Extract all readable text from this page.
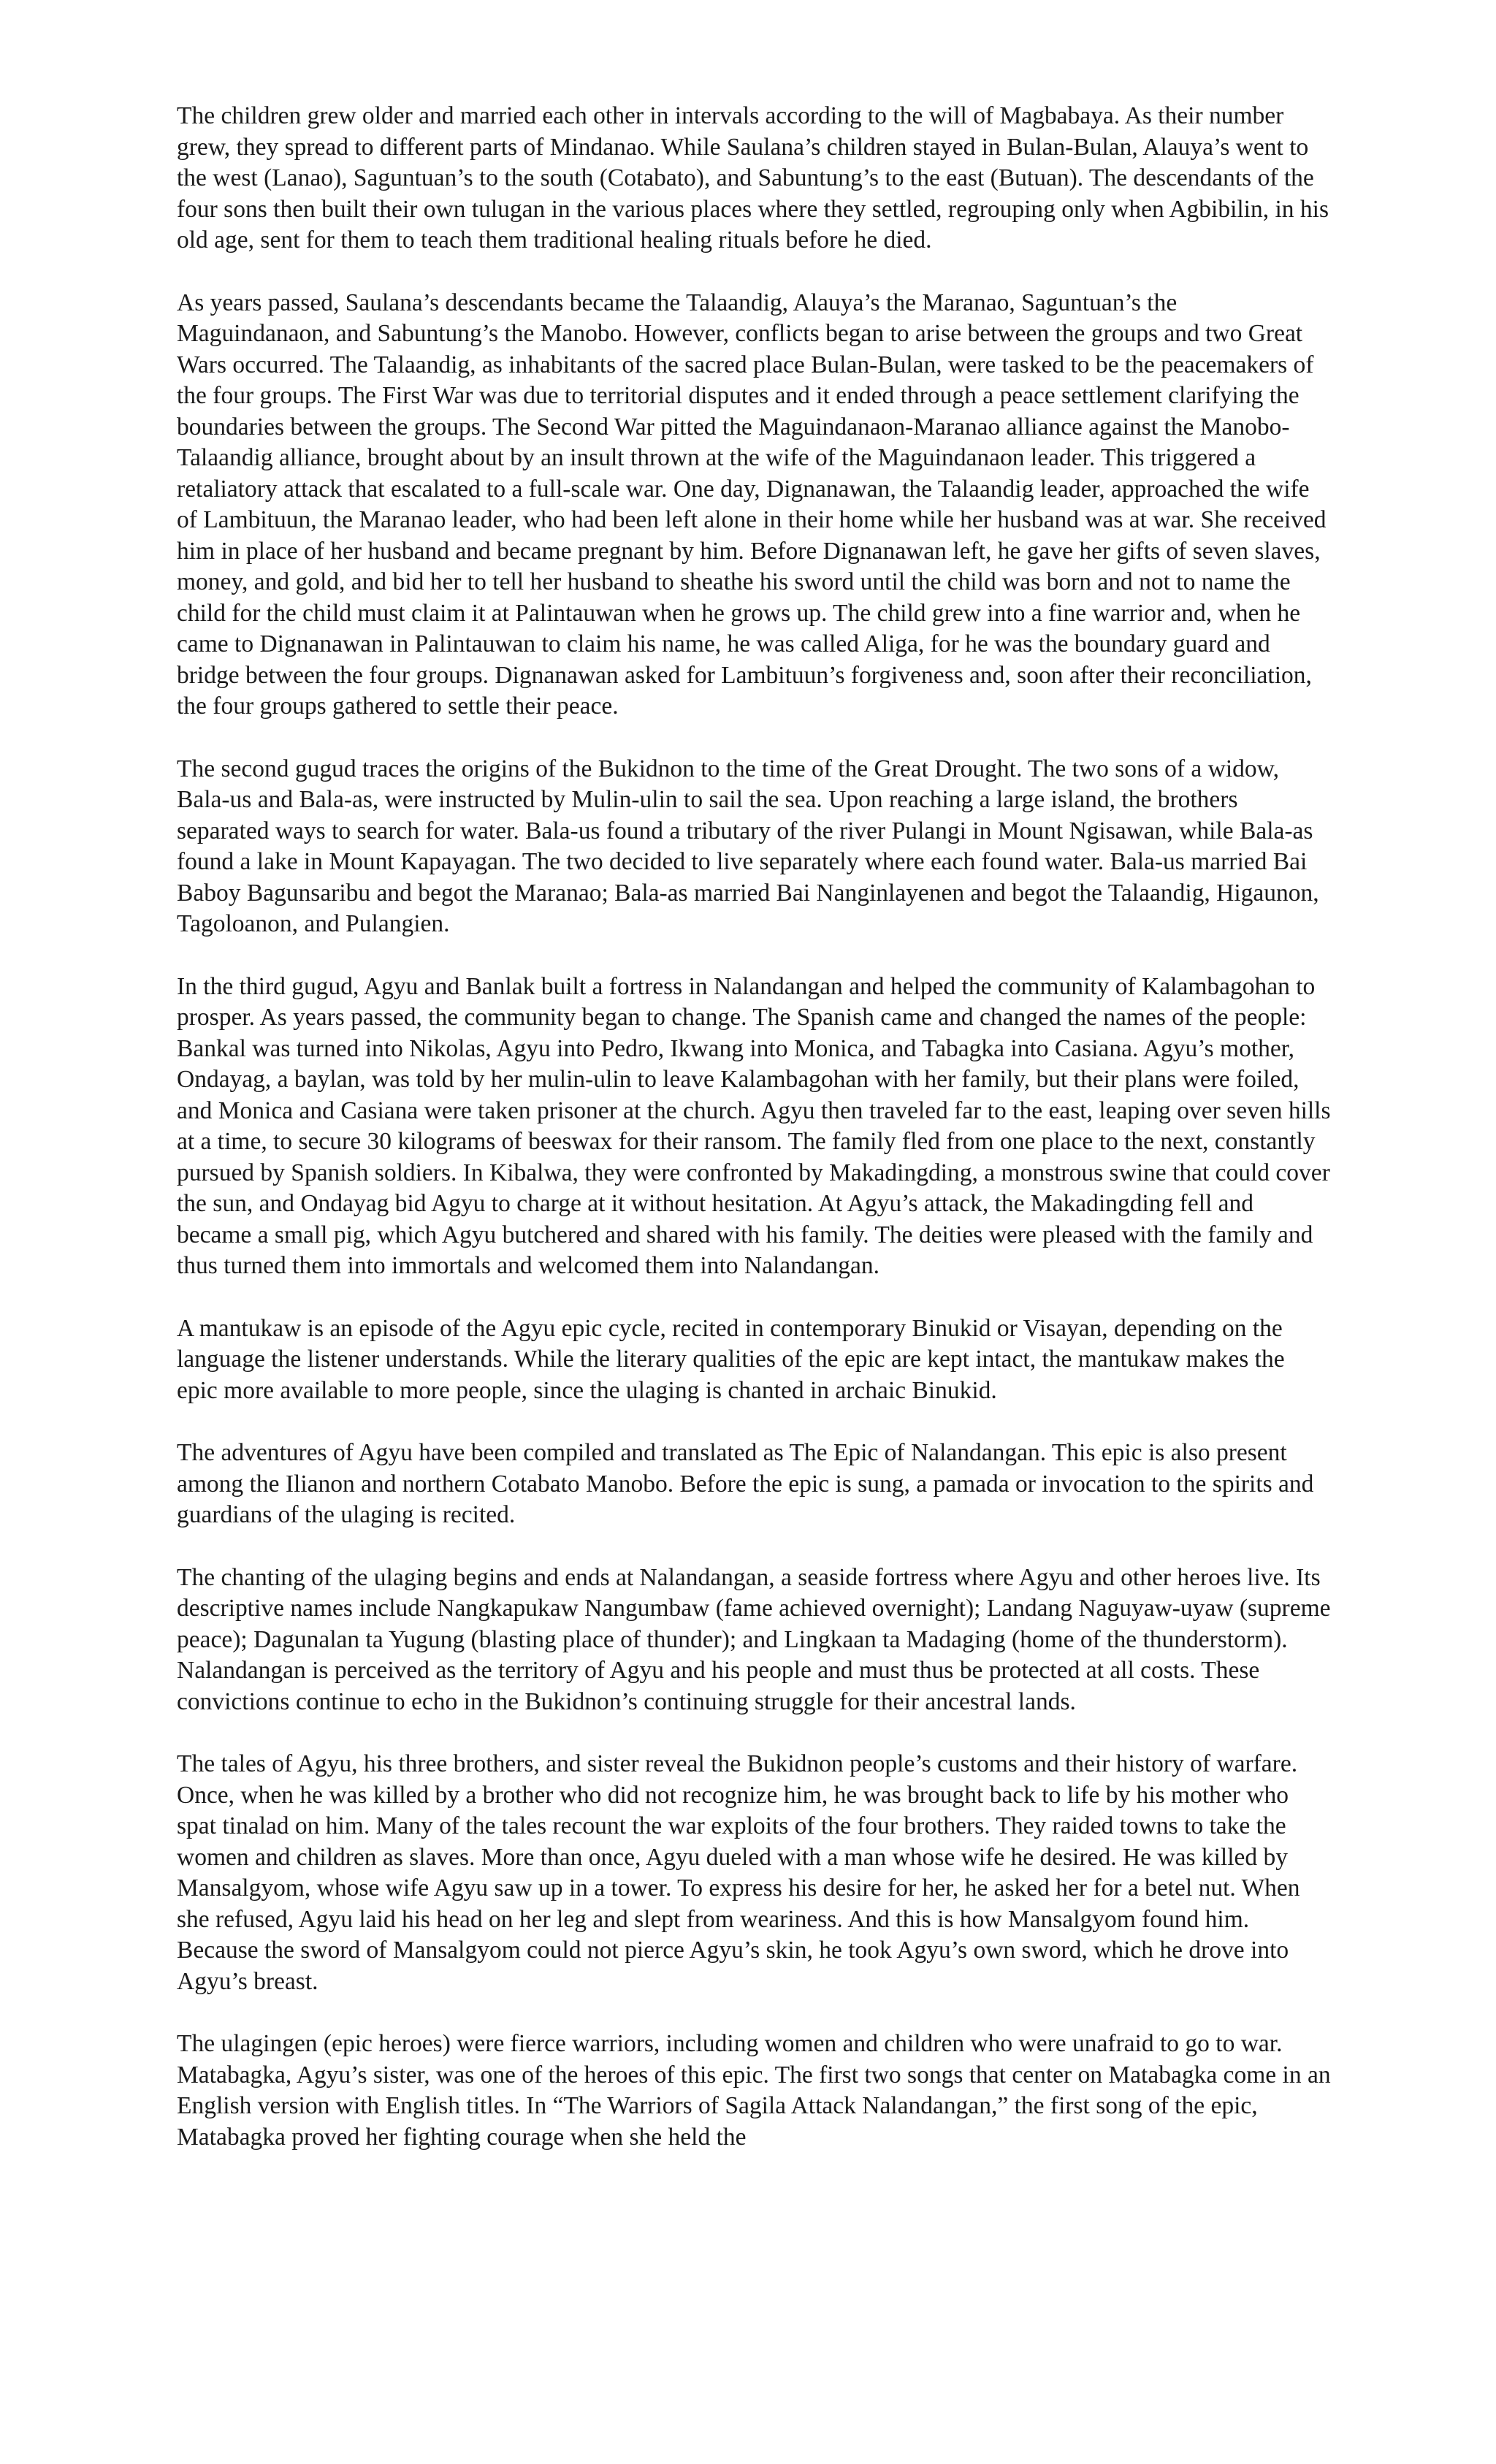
The children grew older and married each other in intervals according to the will of Magbabaya. As their number grew, they spread to different parts of Mindanao. While Saulana’s children stayed in Bulan-Bulan, Alauya’s went to the west (Lanao), Saguntuan’s to the south (Cotabato), and Sabuntung’s to the east (Butuan). The descendants of the four sons then built their own tulugan in the various places where they settled, regrouping only when Agbibilin, in his old age, sent for them to teach them traditional healing rituals before he died.

As years passed, Saulana’s descendants became the Talaandig, Alauya’s the Maranao, Saguntuan’s the Maguindanaon, and Sabuntung’s the Manobo. However, conflicts began to arise between the groups and two Great Wars occurred. The Talaandig, as inhabitants of the sacred place Bulan-Bulan, were tasked to be the peacemakers of the four groups. The First War was due to territorial disputes and it ended through a peace settlement clarifying the boundaries between the groups. The Second War pitted the Maguindanaon-Maranao alliance against the Manobo-Talaandig alliance, brought about by an insult thrown at the wife of the Maguindanaon leader. This triggered a retaliatory attack that escalated to a full-scale war. One day, Dignanawan, the Talaandig leader, approached the wife of Lambituun, the Maranao leader, who had been left alone in their home while her husband was at war. She received him in place of her husband and became pregnant by him. Before Dignanawan left, he gave her gifts of seven slaves, money, and gold, and bid her to tell her husband to sheathe his sword until the child was born and not to name the child for the child must claim it at Palintauwan when he grows up. The child grew into a fine warrior and, when he came to Dignanawan in Palintauwan to claim his name, he was called Aliga, for he was the boundary guard and bridge between the four groups. Dignanawan asked for Lambituun’s forgiveness and, soon after their reconciliation, the four groups gathered to settle their peace.

The second gugud traces the origins of the Bukidnon to the time of the Great Drought. The two sons of a widow, Bala-us and Bala-as, were instructed by Mulin-ulin to sail the sea. Upon reaching a large island, the brothers separated ways to search for water. Bala-us found a tributary of the river Pulangi in Mount Ngisawan, while Bala-as found a lake in Mount Kapayagan. The two decided to live separately where each found water. Bala-us married Bai Baboy Bagunsaribu and begot the Maranao; Bala-as married Bai Nanginlayenen and begot the Talaandig, Higaunon, Tagoloanon, and Pulangien.

In the third gugud, Agyu and Banlak built a fortress in Nalandangan and helped the community of Kalambagohan to prosper. As years passed, the community began to change. The Spanish came and changed the names of the people: Bankal was turned into Nikolas, Agyu into Pedro, Ikwang into Monica, and Tabagka into Casiana. Agyu’s mother, Ondayag, a baylan, was told by her mulin-ulin to leave Kalambagohan with her family, but their plans were foiled, and Monica and Casiana were taken prisoner at the church. Agyu then traveled far to the east, leaping over seven hills at a time, to secure 30 kilograms of beeswax for their ransom. The family fled from one place to the next, constantly pursued by Spanish soldiers. In Kibalwa, they were confronted by Makadingding, a monstrous swine that could cover the sun, and Ondayag bid Agyu to charge at it without hesitation. At Agyu’s attack, the Makadingding fell and became a small pig, which Agyu butchered and shared with his family. The deities were pleased with the family and thus turned them into immortals and welcomed them into Nalandangan.

A mantukaw is an episode of the Agyu epic cycle, recited in contemporary Binukid or Visayan, depending on the language the listener understands. While the literary qualities of the epic are kept intact, the mantukaw makes the epic more available to more people, since the ulaging is chanted in archaic Binukid.

The adventures of Agyu have been compiled and translated as The Epic of Nalandangan. This epic is also present among the Ilianon and northern Cotabato Manobo. Before the epic is sung, a pamada or invocation to the spirits and guardians of the ulaging is recited.

The chanting of the ulaging begins and ends at Nalandangan, a seaside fortress where Agyu and other heroes live. Its descriptive names include Nangkapukaw Nangumbaw (fame achieved overnight); Landang Naguyaw-uyaw (supreme peace); Dagunalan ta Yugung (blasting place of thunder); and Lingkaan ta Madaging (home of the thunderstorm). Nalandangan is perceived as the territory of Agyu and his people and must thus be protected at all costs. These convictions continue to echo in the Bukidnon’s continuing struggle for their ancestral lands.

The tales of Agyu, his three brothers, and sister reveal the Bukidnon people’s customs and their history of warfare. Once, when he was killed by a brother who did not recognize him, he was brought back to life by his mother who spat tinalad on him. Many of the tales recount the war exploits of the four brothers. They raided towns to take the women and children as slaves. More than once, Agyu dueled with a man whose wife he desired. He was killed by Mansalgyom, whose wife Agyu saw up in a tower. To express his desire for her, he asked her for a betel nut. When she refused, Agyu laid his head on her leg and slept from weariness. And this is how Mansalgyom found him. Because the sword of Mansalgyom could not pierce Agyu’s skin, he took Agyu’s own sword, which he drove into Agyu’s breast.

The ulagingen (epic heroes) were fierce warriors, including women and children who were unafraid to go to war. Matabagka, Agyu’s sister, was one of the heroes of this epic. The first two songs that center on Matabagka come in an English version with English titles. In “The Warriors of Sagila Attack Nalandangan,” the first song of the epic, Matabagka proved her fighting courage when she held the
